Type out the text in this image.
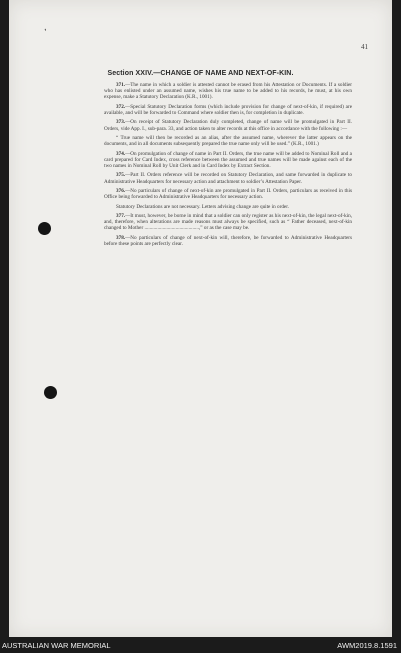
’
41
Section XXIV.—CHANGE OF NAME AND NEXT-OF-KIN.

371.—The name in which a soldier is attested cannot be erased from his Attestation or Documents. If a soldier who has enlisted under an assumed name, wishes his true name to be added to his records, he must, at his own expense, make a Statutory Declaration (K.R., 1001).

372.—Special Statutory Declaration forms (which include provision for change of next-of-kin, if required) are available, and will be forwarded to Command where soldier then is, for completion in duplicate.

373.—On receipt of Statutory Declaration duly completed, change of name will be promulgated in Part II. Orders, vide App. I., sub-para. 33, and action taken to alter records at this office in accordance with the following :—

“ True name will then be recorded as an alias, after the assumed name, wherever the latter appears on the documents, and in all documents subsequently prepared the true name only will be used.” (K.R., 1001.)

374.—On promulgation of change of name in Part II. Orders, the true name will be added to Nominal Roll and a card prepared for Card Index, cross reference between the assumed and true names will be made against each of the two names in Nominal Roll by Unit Clerk and in Card Index by Extract Section.

375.—Part II. Orders reference will be recorded on Statutory Declaration, and same forwarded in duplicate to Administrative Headquarters for necessary action and attachment to soldier’s Attestation Paper.

376.—No particulars of change of next-of-kin are promulgated in Part II. Orders, particulars as received in this Office being forwarded to Administrative Headquarters for necessary action.

Statutory Declarations are not necessary. Letters advising change are quite in order.

377.—It must, however, be borne in mind that a soldier can only register as his next-of-kin, the legal next-of-kin, and, therefore, when alterations are made reasons must always be specified, such as “ Father deceased, next-of-kin changed to Mother ..........................................,” or as the case may be.

378.—No particulars of change of next-of-kin will, therefore, be forwarded to Administrative Headquarters before these points are perfectly clear.

AUSTRALIAN WAR MEMORIAL	AWM2019.8.1591
